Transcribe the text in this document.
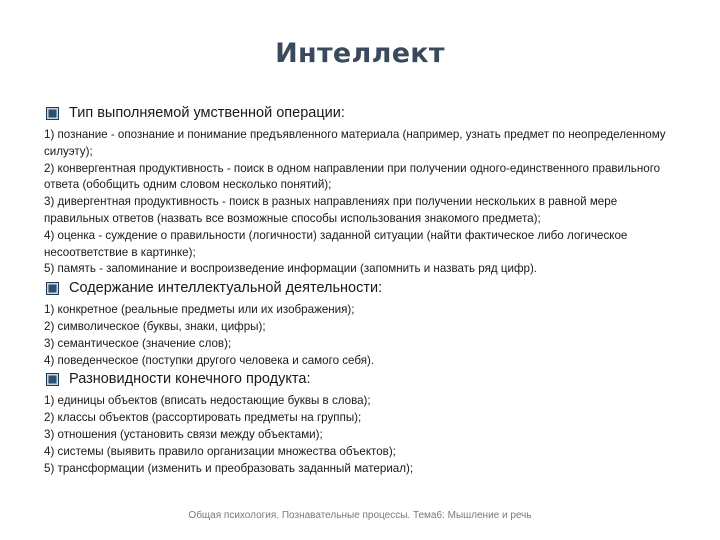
Интеллект
Тип выполняемой умственной операции:
1) познание - опознание и понимание предъявленного материала (например, узнать предмет по неопределенному силуэту);
2) конвергентная продуктивность - поиск в одном направлении при получении одного-единственного правильного ответа (обобщить одним словом несколько понятий);
3) дивергентная продуктивность - поиск в разных направлениях при получении нескольких в равной мере правильных ответов (назвать все возможные способы использования знакомого предмета);
4) оценка - суждение о правильности (логичности) заданной ситуации (найти фактическое либо логическое несоответствие в картинке);
5) память - запоминание и воспроизведение информации (запомнить и назвать ряд цифр).
Содержание интеллектуальной деятельности:
1) конкретное (реальные предметы или их изображения);
2) символическое (буквы, знаки, цифры);
3) семантическое (значение слов);
4) поведенческое (поступки другого человека и самого себя).
Разновидности конечного продукта:
1) единицы объектов (вписать недостающие буквы в слова);
2) классы объектов (рассортировать предметы на группы);
3) отношения (установить связи между объектами);
4) системы (выявить правило организации множества объектов);
5) трансформации (изменить и преобразовать заданный материал);
Общая психология. Познавательные процессы. Тема6: Мышление и речь
